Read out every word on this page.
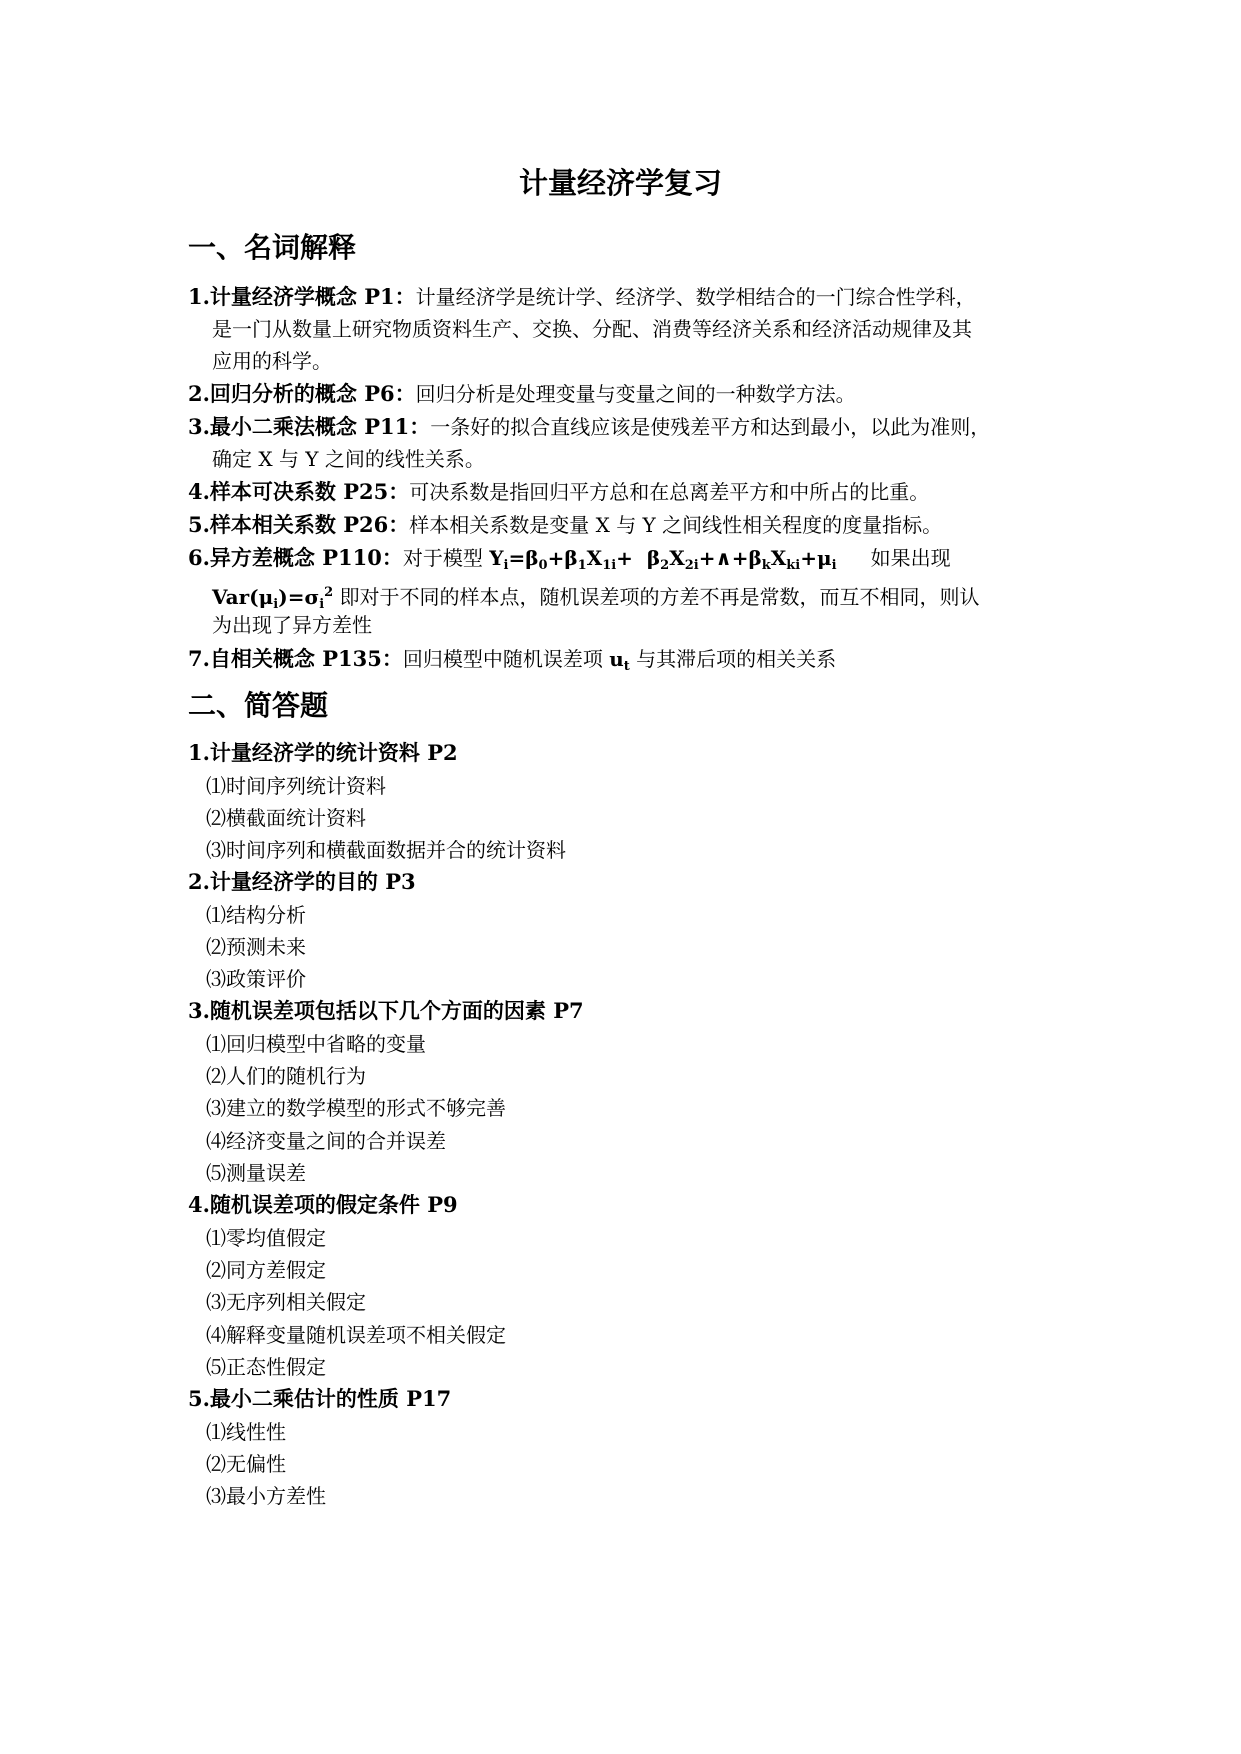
计量经济学复习
一、名词解释
1.计量经济学概念 P1：计量经济学是统计学、经济学、数学相结合的一门综合性学科，
是一门从数量上研究物质资料生产、交换、分配、消费等经济关系和经济活动规律及其
应用的科学。
2.回归分析的概念 P6：回归分析是处理变量与变量之间的一种数学方法。
3.最小二乘法概念 P11：一条好的拟合直线应该是使残差平方和达到最小，以此为准则，
确定 X 与 Y 之间的线性关系。
4.样本可决系数 P25：可决系数是指回归平方总和在总离差平方和中所占的比重。
5.样本相关系数 P26：样本相关系数是变量 X 与 Y 之间线性相关程度的度量指标。
6.异方差概念 P110：对于模型 $Y_i=\beta_0+\beta_1X_{1i}+$  $\beta_2X_{2i}+\wedge+\beta_kX_{ki}+\mu_i$ 如果出现
$Var(\mu_i)=\sigma_i^2$ 即对于不同的样本点，随机误差项的方差不再是常数，而互不相同，则认
为出现了异方差性
7.自相关概念 P135：回归模型中随机误差项 $u_t$ 与其滞后项的相关关系
二、简答题
1.计量经济学的统计资料 P2
⑴时间序列统计资料
⑵横截面统计资料
⑶时间序列和横截面数据并合的统计资料
2.计量经济学的目的 P3
⑴结构分析
⑵预测未来
⑶政策评价
3.随机误差项包括以下几个方面的因素 P7
⑴回归模型中省略的变量
⑵人们的随机行为
⑶建立的数学模型的形式不够完善
⑷经济变量之间的合并误差
⑸测量误差
4.随机误差项的假定条件 P9
⑴零均值假定
⑵同方差假定
⑶无序列相关假定
⑷解释变量随机误差项不相关假定
⑸正态性假定
5.最小二乘估计的性质 P17
⑴线性性
⑵无偏性
⑶最小方差性
